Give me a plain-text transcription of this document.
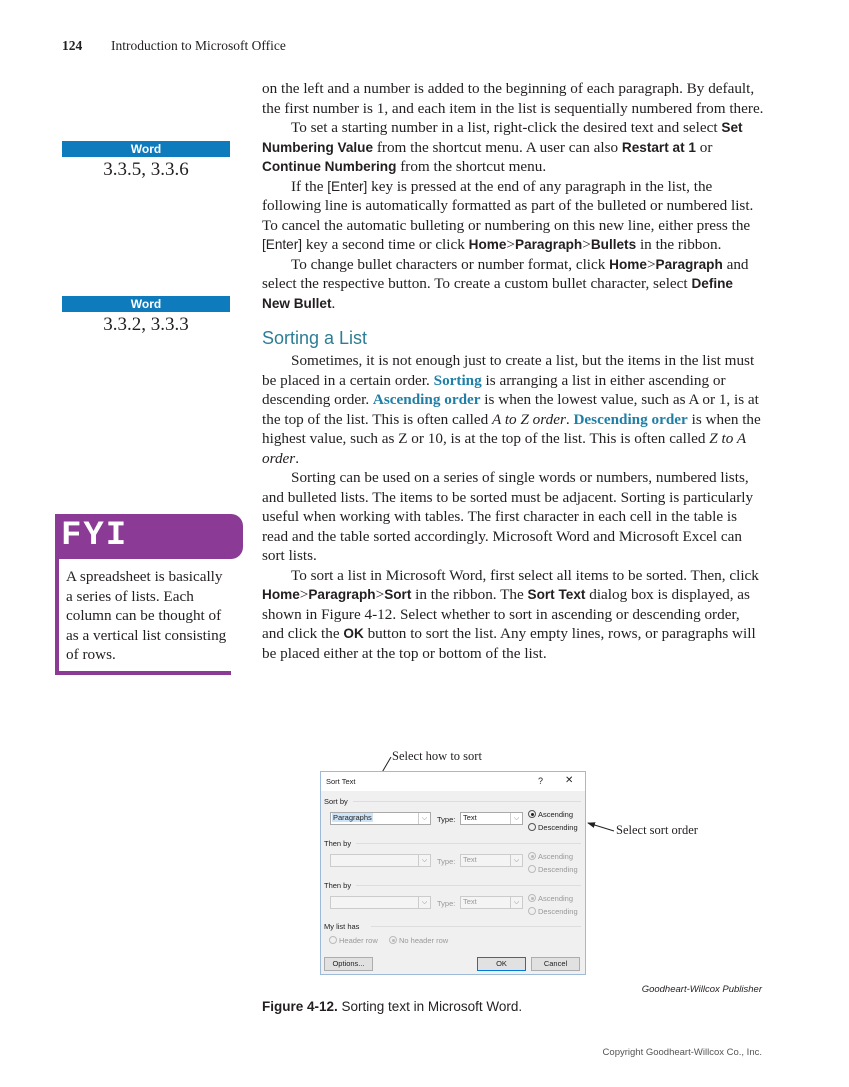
124 Introduction to Microsoft Office
Word
3.3.5, 3.3.6
Word
3.3.2, 3.3.3
FYI
A spreadsheet is basically a series of lists. Each column can be thought of as a vertical list consisting of rows.

on the left and a number is added to the beginning of each paragraph. By default, the first number is 1, and each item in the list is sequentially numbered from there.

To set a starting number in a list, right-click the desired text and select Set Numbering Value from the shortcut menu. A user can also Restart at 1 or Continue Numbering from the shortcut menu.

If the [Enter] key is pressed at the end of any paragraph in the list, the following line is automatically formatted as part of the bulleted or numbered list. To cancel the automatic bulleting or numbering on this new line, either press the [Enter] key a second time or click Home>Paragraph>Bullets in the ribbon.

To change bullet characters or number format, click Home>Paragraph and select the respective button. To create a custom bullet character, select Define New Bullet.

Sorting a List

Sometimes, it is not enough just to create a list, but the items in the list must be placed in a certain order. Sorting is arranging a list in either ascending or descending order. Ascending order is when the lowest value, such as A or 1, is at the top of the list. This is often called A to Z order. Descending order is when the highest value, such as Z or 10, is at the top of the list. This is often called Z to A order.

Sorting can be used on a series of single words or numbers, numbered lists, and bulleted lists. The items to be sorted must be adjacent. Sorting is particularly useful when working with tables. The first character in each cell in the table is read and the table sorted accordingly. Microsoft Word and Microsoft Excel can sort lists.

To sort a list in Microsoft Word, first select all items to be sorted. Then, click Home>Paragraph>Sort in the ribbon. The Sort Text dialog box is displayed, as shown in Figure 4-12. Select whether to sort in ascending or descending order, and click the OK button to sort the list. Any empty lines, rows, or paragraphs will be placed either at the top or bottom of the list.

Select how to sort
Select sort order
Sort Text	? ✕
Sort by
Paragraphs	⌵	Type:	Text	⌵	Ascending
Descending
Then by
⌵	Type:	Text	⌵	Ascending
Descending
Then by
⌵	Type:	Text	⌵	Ascending
Descending
My list has
Header row	No header row
Options...	OK	Cancel
Goodheart-Willcox Publisher
Figure 4-12. Sorting text in Microsoft Word.
Copyright Goodheart-Willcox Co., Inc.
